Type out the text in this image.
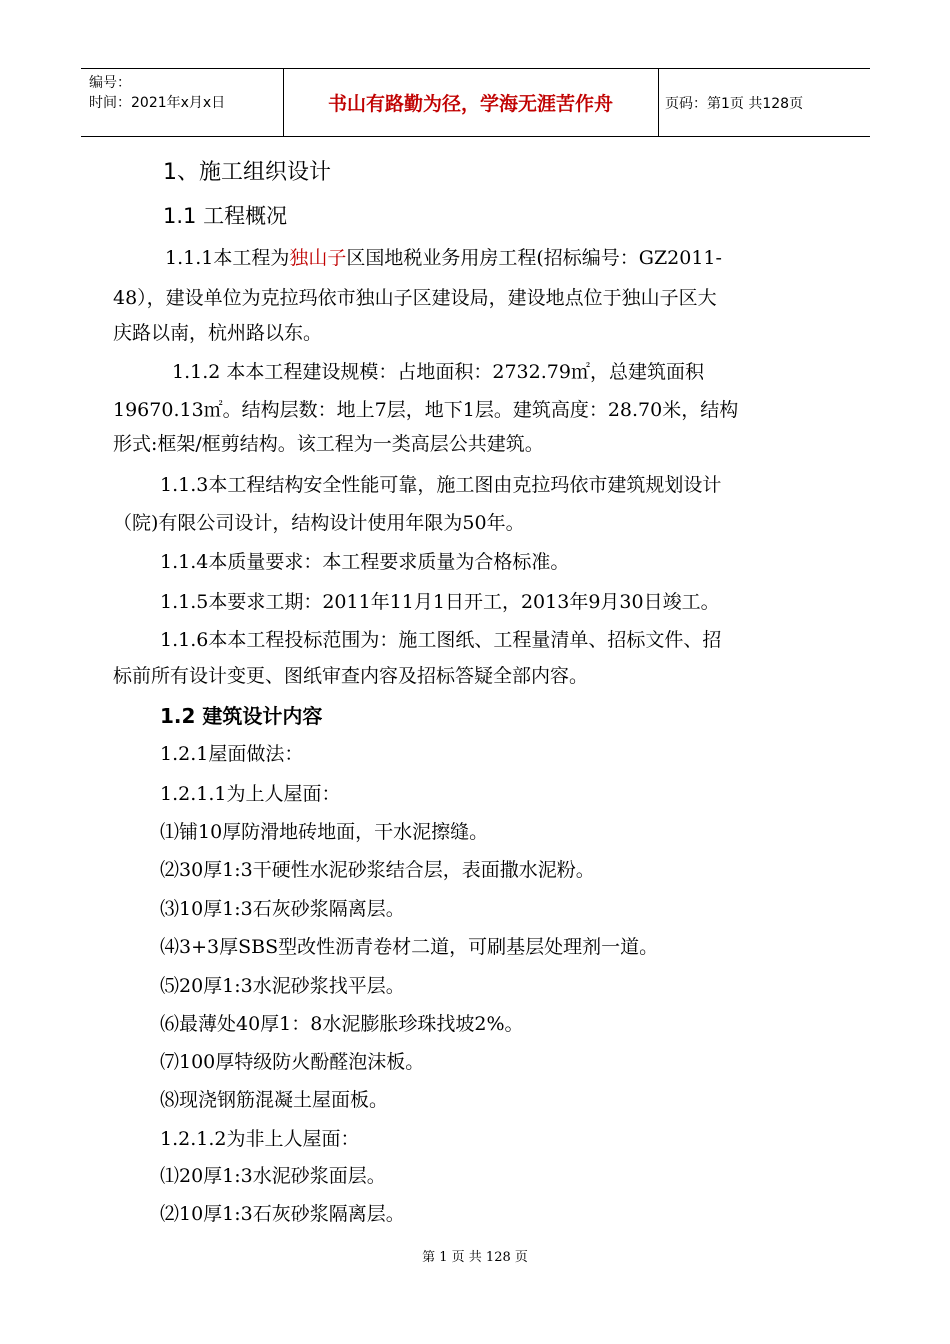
编号：
时间：2021年x月x日	书山有路勤为径，学海无涯苦作舟	页码：第1页 共128页
1、施工组织设计
1.1 工程概况
1.1.1本工程为独山子区国地税业务用房工程(招标编号：GZ2011-
48），建设单位为克拉玛依市独山子区建设局，建设地点位于独山子区大
庆路以南，杭州路以东。
1.1.2 本本工程建设规模：占地面积：2732.79㎡，总建筑面积
19670.13㎡。结构层数：地上7层，地下1层。建筑高度：28.70米，结构
形式:框架/框剪结构。该工程为一类高层公共建筑。
1.1.3本工程结构安全性能可靠，施工图由克拉玛依市建筑规划设计
（院)有限公司设计，结构设计使用年限为50年。
1.1.4本质量要求：本工程要求质量为合格标准。
1.1.5本要求工期：2011年11月1日开工，2013年9月30日竣工。
1.1.6本本工程投标范围为：施工图纸、工程量清单、招标文件、招
标前所有设计变更、图纸审查内容及招标答疑全部内容。
1.2 建筑设计内容
1.2.1屋面做法：
1.2.1.1为上人屋面：
⑴铺10厚防滑地砖地面，干水泥擦缝。
⑵30厚1:3干硬性水泥砂浆结合层，表面撒水泥粉。
⑶10厚1:3石灰砂浆隔离层。
⑷3+3厚SBS型改性沥青卷材二道，可刷基层处理剂一道。
⑸20厚1:3水泥砂浆找平层。
⑹最薄处40厚1：8水泥膨胀珍珠找坡2%。
⑺100厚特级防火酚醛泡沫板。
⑻现浇钢筋混凝土屋面板。
1.2.1.2为非上人屋面：
⑴20厚1:3水泥砂浆面层。
⑵10厚1:3石灰砂浆隔离层。
第 1 页 共 128 页
